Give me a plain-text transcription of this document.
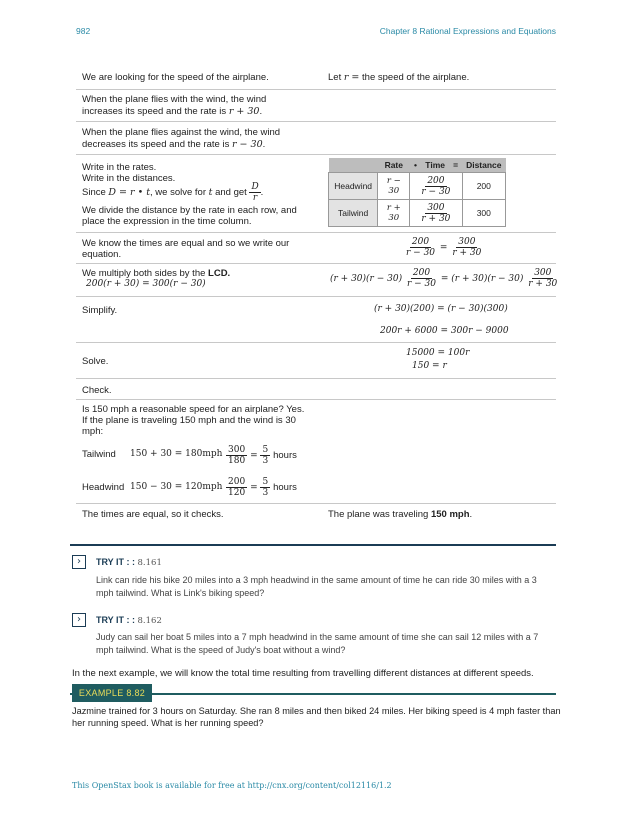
982	Chapter 8 Rational Expressions and Equations
We are looking for the speed of the airplane.	Let r = the speed of the airplane.
When the plane flies with the wind, the wind
increases its speed and the rate is r + 30.
When the plane flies against the wind, the wind
decreases its speed and the rate is r − 30.
Write in the rates.
Write in the distances.
Since D = r • t, we solve for t and get $\frac{D}{r}$ .
We divide the distance by the rate in each row, and
place the expression in the time column.
	Rate	•	Time	=	Distance
Headwind	r − 30	$\frac{200}{r - 30}$			200
Tailwind	r + 30	$\frac{300}{r + 30}$			300
We know the times are equal and so we write our
equation.	$\frac{200}{r - 30} = \frac{300}{r + 30}$
We multiply both sides by the LCD.
200(r + 30) = 300(r − 30)	$(r + 30)(r - 30) \frac{200}{r - 30} = (r + 30)(r - 30) \frac{300}{r + 30}$
Simplify.	(r + 30)(200) = (r − 30)(300)
200r + 6000 = 300r − 9000
Solve.
15000 = 100r
150 = r
Check.
Is 150 mph a reasonable speed for an airplane? Yes.
If the plane is traveling 150 mph and the wind is 30
mph:
Tailwind $150 + 30 = 180mph \frac{300}{180} = \frac{5}{3}$ hours
Headwind $150 - 30 = 120mph \frac{200}{120} = \frac{5}{3}$ hours
The times are equal, so it checks.	The plane was traveling 150 mph.
›	TRY IT : : 8.161
Link can ride his bike 20 miles into a 3 mph headwind in the same amount of time he can ride 30 miles with a 3
mph tailwind. What is Link's biking speed?
›	TRY IT : : 8.162
Judy can sail her boat 5 miles into a 7 mph headwind in the same amount of time she can sail 12 miles with a 7
mph tailwind. What is the speed of Judy's boat without a wind?
In the next example, we will know the total time resulting from travelling different distances at different speeds.
EXAMPLE 8.82
Jazmine trained for 3 hours on Saturday. She ran 8 miles and then biked 24 miles. Her biking speed is 4 mph faster than
her running speed. What is her running speed?
This OpenStax book is available for free at http://cnx.org/content/col12116/1.2
